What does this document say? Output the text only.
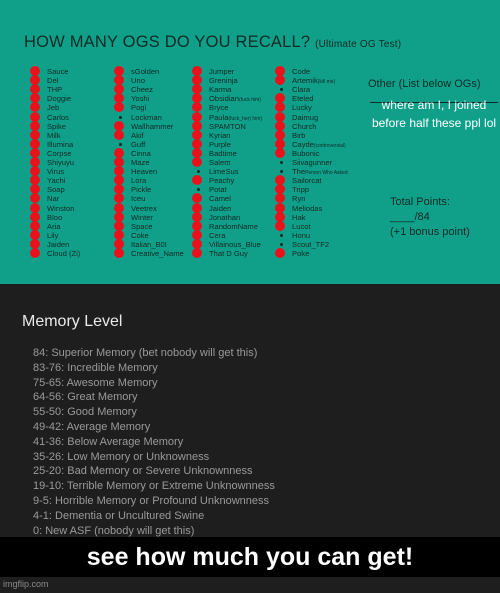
HOW MANY OGS DO YOU RECALL? (Ultimate OG Test)
Sauce
Del
THP
Doggie
Jeb
Carlos
Spike
Milk
Illumina
Corpse
Shiyuyu
Virus
Yachi
Soap
Nar
Winston
Bloo
Aria
Lily
Jaiden
Cloud (Zi)
sGolden
Uno
Cheez
Yoshi
Pogi
Lockman
Wallhammer
Akif
Guff
Cinna
Maze
Heaven
Lora
Pickle
Iceu
Veetrex
Winter
Space
Coke
Italian_B0I
Creative_Name
Jumper
Greninja
Karma
Obsidian(fuck him)
Bryce
Paula(fuck_her) him)
SPAMTON
Kyrian
Purple
Badtime
Salem
LimeSus
Peachy
Potat
Camel
Jaiden
Jonathan
RandomName
Cera
Villainous_Blue
That D Guy
Code
Artemik(kill me)
Clara
Eteled
Lucky
Daimug
Church
Birb
Cayde(controversial)
Bubonic
Siivagunner
ThePerson Who Asked
Sailorcat
Tripp
Ryn
Meliodas
Hak
Lucot
Honu
Scout_TF2
Poke
Other (List below OGs)
where am I, I joined before half these ppl lol
Total Points:
____/84
(+1 bonus point)
Memory Level
84: Superior Memory (bet nobody will get this)
83-76: Incredible Memory
75-65: Awesome Memory
64-56: Great Memory
55-50: Good Memory
49-42: Average Memory
41-36: Below Average Memory
35-26: Low Memory or Unknowness
25-20: Bad Memory or Severe Unknownness
19-10: Terrible Memory or Extreme Unknownness
9-5: Horrible Memory or Profound Unknownness
4-1: Dementia or Uncultured Swine
0: New ASF (nobody will get this)
see how much you can get!
imgflip.com
